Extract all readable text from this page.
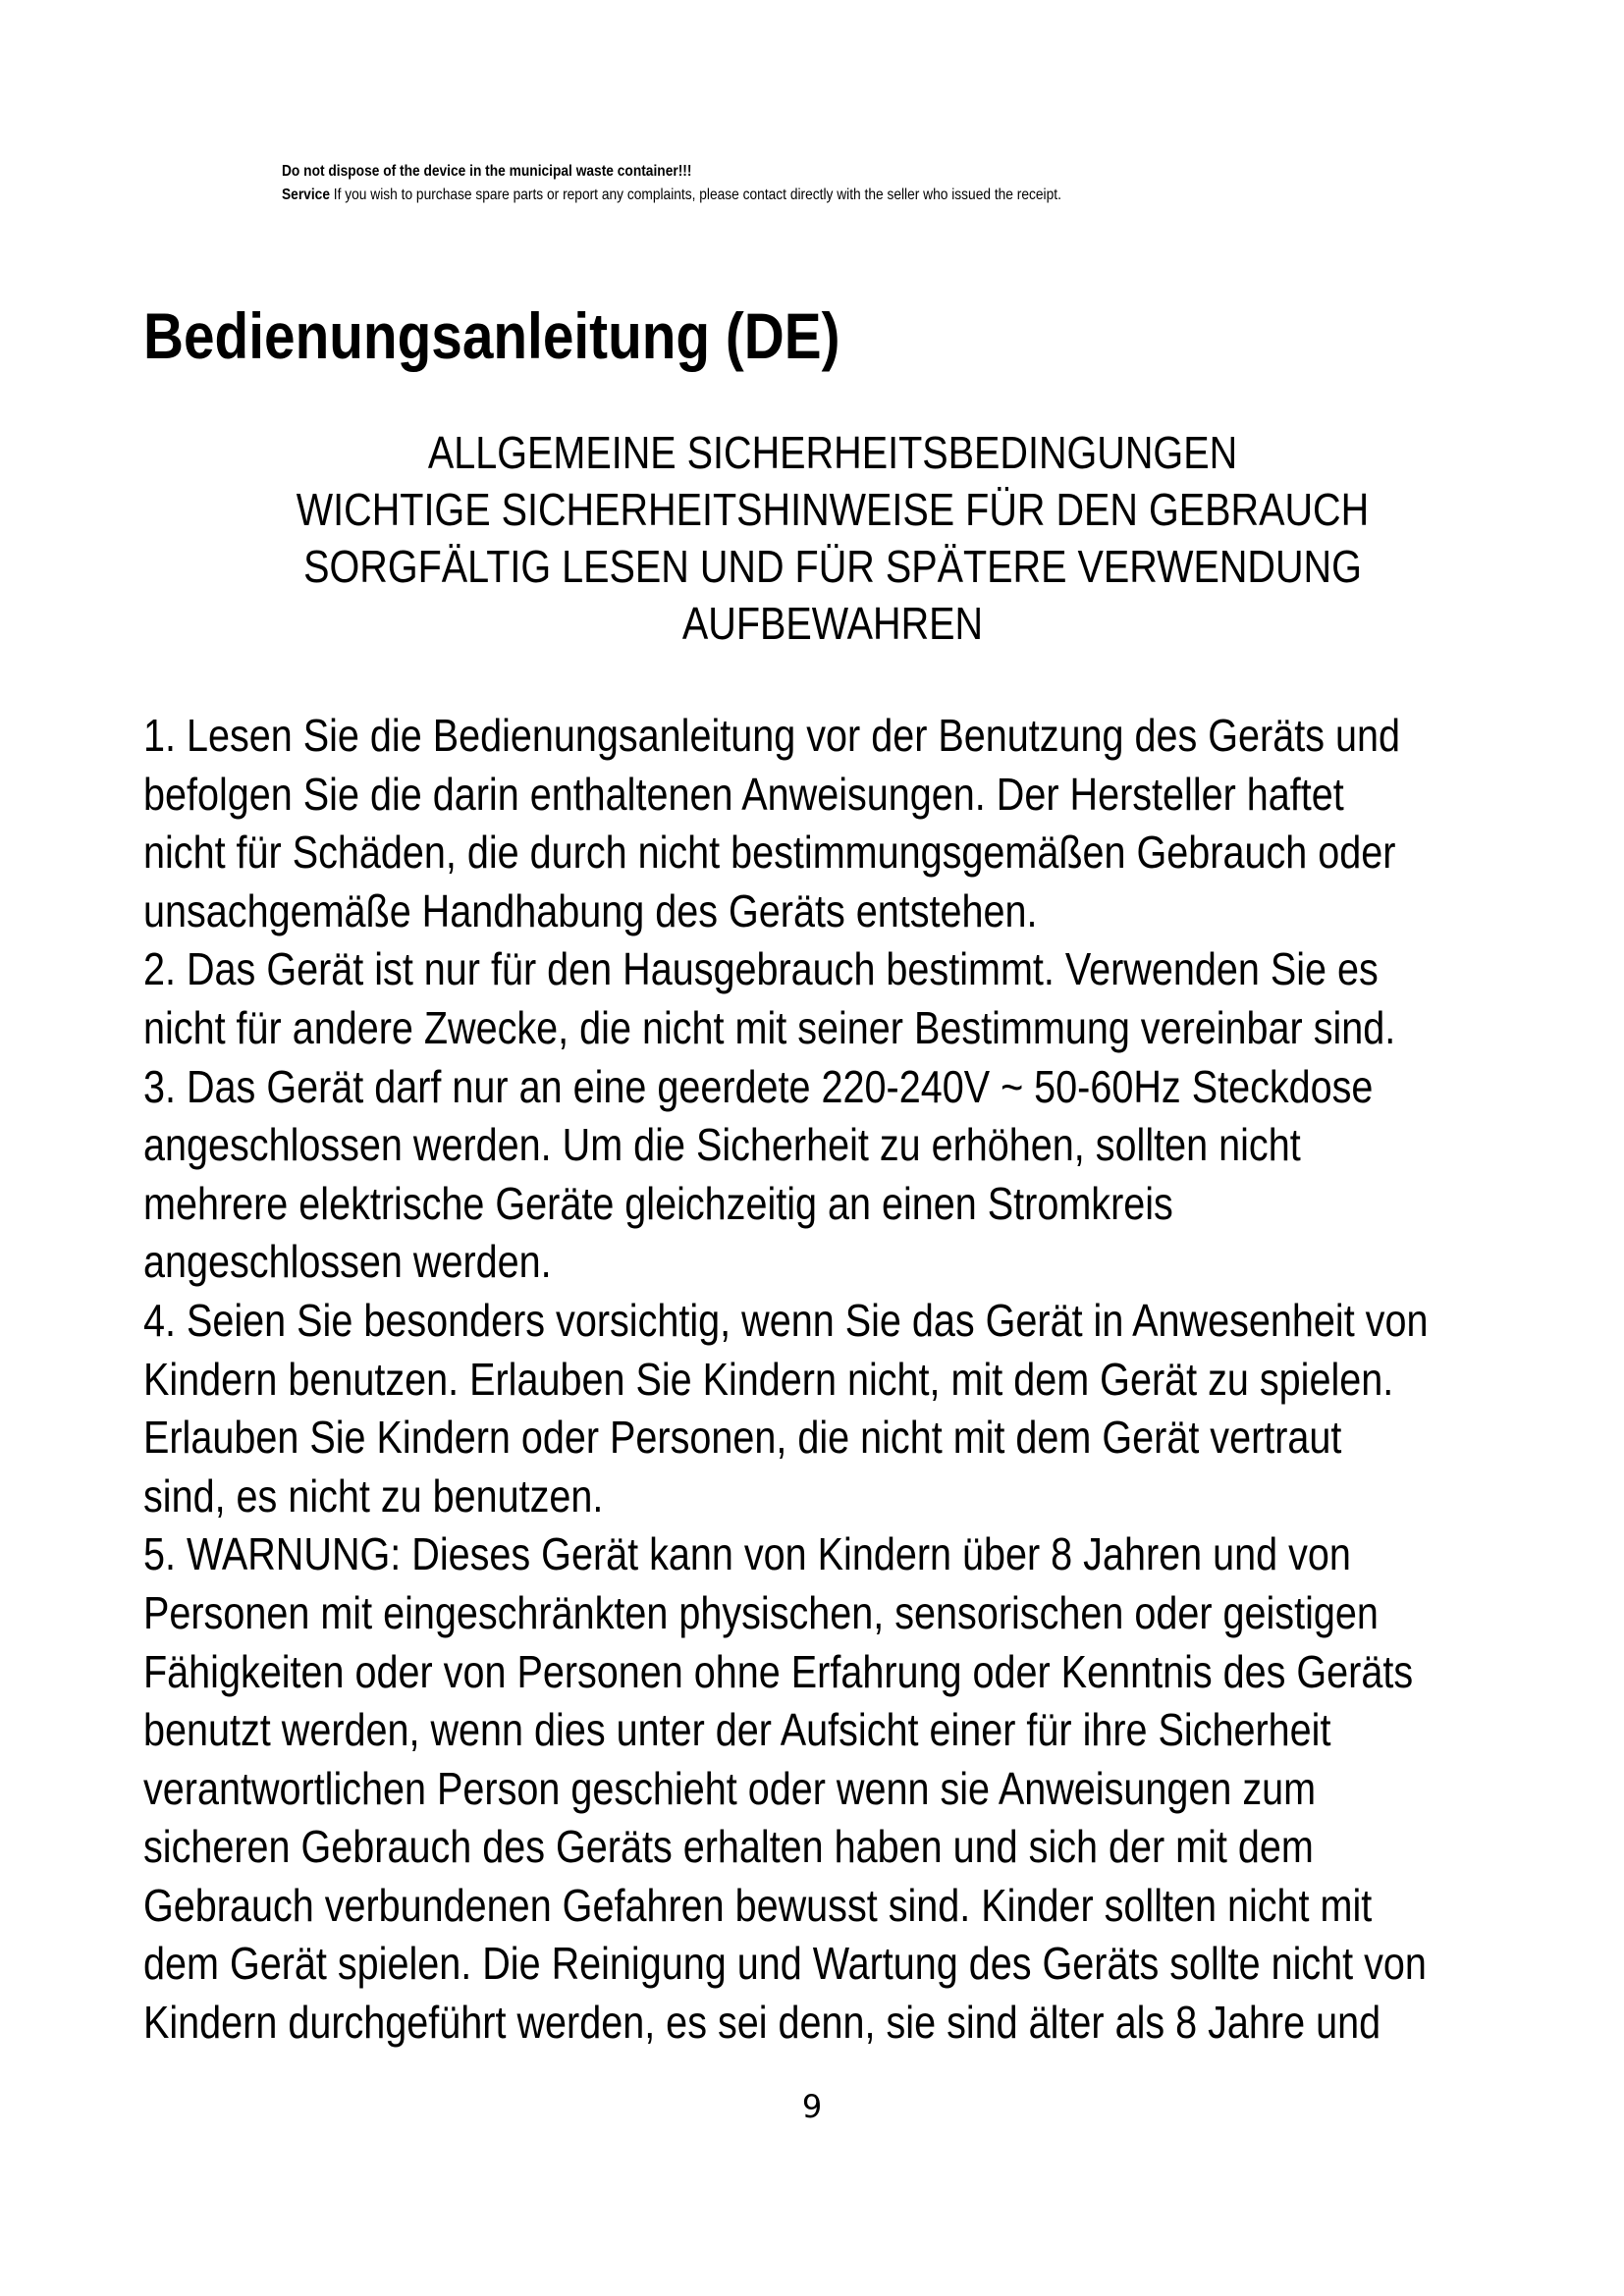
Do not dispose of the device in the municipal waste container!!!
Service If you wish to purchase spare parts or report any complaints, please contact directly with the seller who issued the receipt.
Bedienungsanleitung (DE)
ALLGEMEINE SICHERHEITSBEDINGUNGEN
WICHTIGE SICHERHEITSHINWEISE FÜR DEN GEBRAUCH
SORGFÄLTIG LESEN UND FÜR SPÄTERE VERWENDUNG
AUFBEWAHREN
1. Lesen Sie die Bedienungsanleitung vor der Benutzung des Geräts und
befolgen Sie die darin enthaltenen Anweisungen. Der Hersteller haftet
nicht für Schäden, die durch nicht bestimmungsgemäßen Gebrauch oder
unsachgemäße Handhabung des Geräts entstehen.
2. Das Gerät ist nur für den Hausgebrauch bestimmt. Verwenden Sie es
nicht für andere Zwecke, die nicht mit seiner Bestimmung vereinbar sind.
3. Das Gerät darf nur an eine geerdete 220-240V ~ 50-60Hz Steckdose
angeschlossen werden. Um die Sicherheit zu erhöhen, sollten nicht
mehrere elektrische Geräte gleichzeitig an einen Stromkreis
angeschlossen werden.
4. Seien Sie besonders vorsichtig, wenn Sie das Gerät in Anwesenheit von
Kindern benutzen. Erlauben Sie Kindern nicht, mit dem Gerät zu spielen.
Erlauben Sie Kindern oder Personen, die nicht mit dem Gerät vertraut
sind, es nicht zu benutzen.
5. WARNUNG: Dieses Gerät kann von Kindern über 8 Jahren und von
Personen mit eingeschränkten physischen, sensorischen oder geistigen
Fähigkeiten oder von Personen ohne Erfahrung oder Kenntnis des Geräts
benutzt werden, wenn dies unter der Aufsicht einer für ihre Sicherheit
verantwortlichen Person geschieht oder wenn sie Anweisungen zum
sicheren Gebrauch des Geräts erhalten haben und sich der mit dem
Gebrauch verbundenen Gefahren bewusst sind. Kinder sollten nicht mit
dem Gerät spielen. Die Reinigung und Wartung des Geräts sollte nicht von
Kindern durchgeführt werden, es sei denn, sie sind älter als 8 Jahre und
9
